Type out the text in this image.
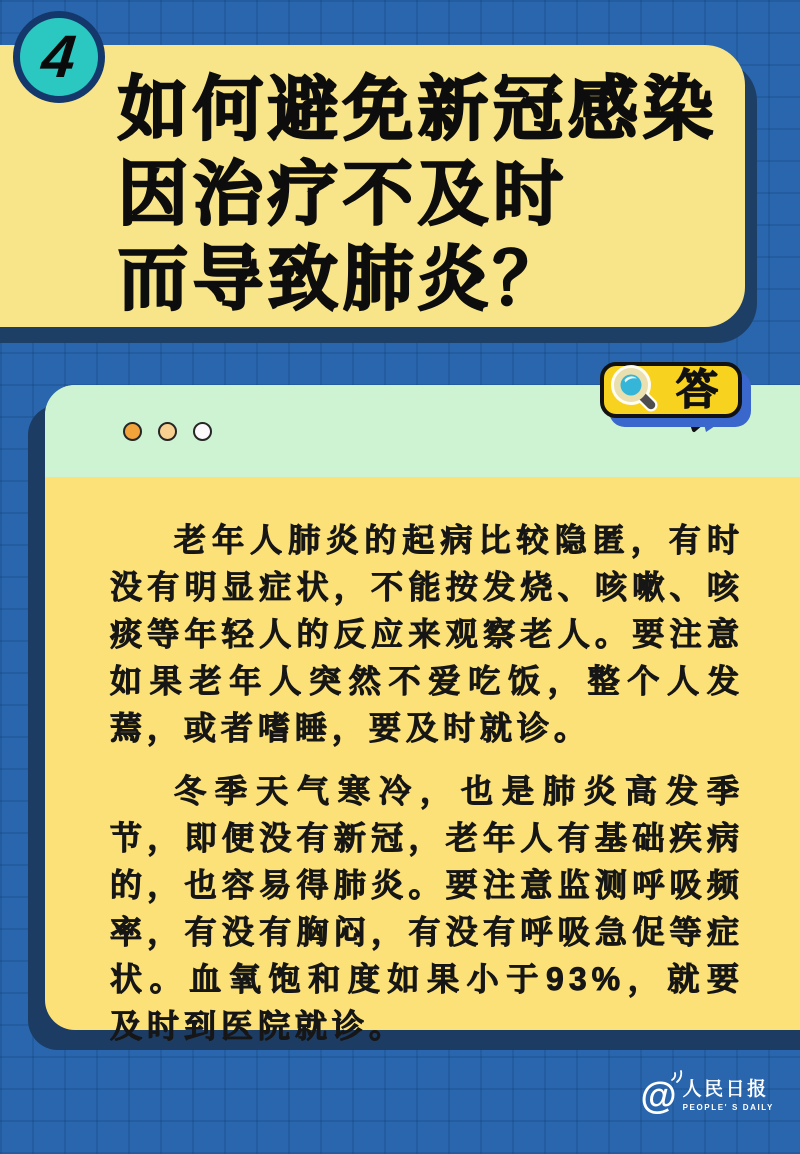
4
如何避免新冠感染
因治疗不及时
而导致肺炎？
答

老年人肺炎的起病比较隐匿，有时没有明显症状，不能按发烧、咳嗽、咳痰等年轻人的反应来观察老人。要注意如果老年人突然不爱吃饭，整个人发蔫，或者嗜睡，要及时就诊。

冬季天气寒冷，也是肺炎高发季节，即便没有新冠，老年人有基础疾病的，也容易得肺炎。要注意监测呼吸频率，有没有胸闷，有没有呼吸急促等症状。血氧饱和度如果小于93%，就要及时到医院就诊。

@ 人民日报
PEOPLE' S DAILY
